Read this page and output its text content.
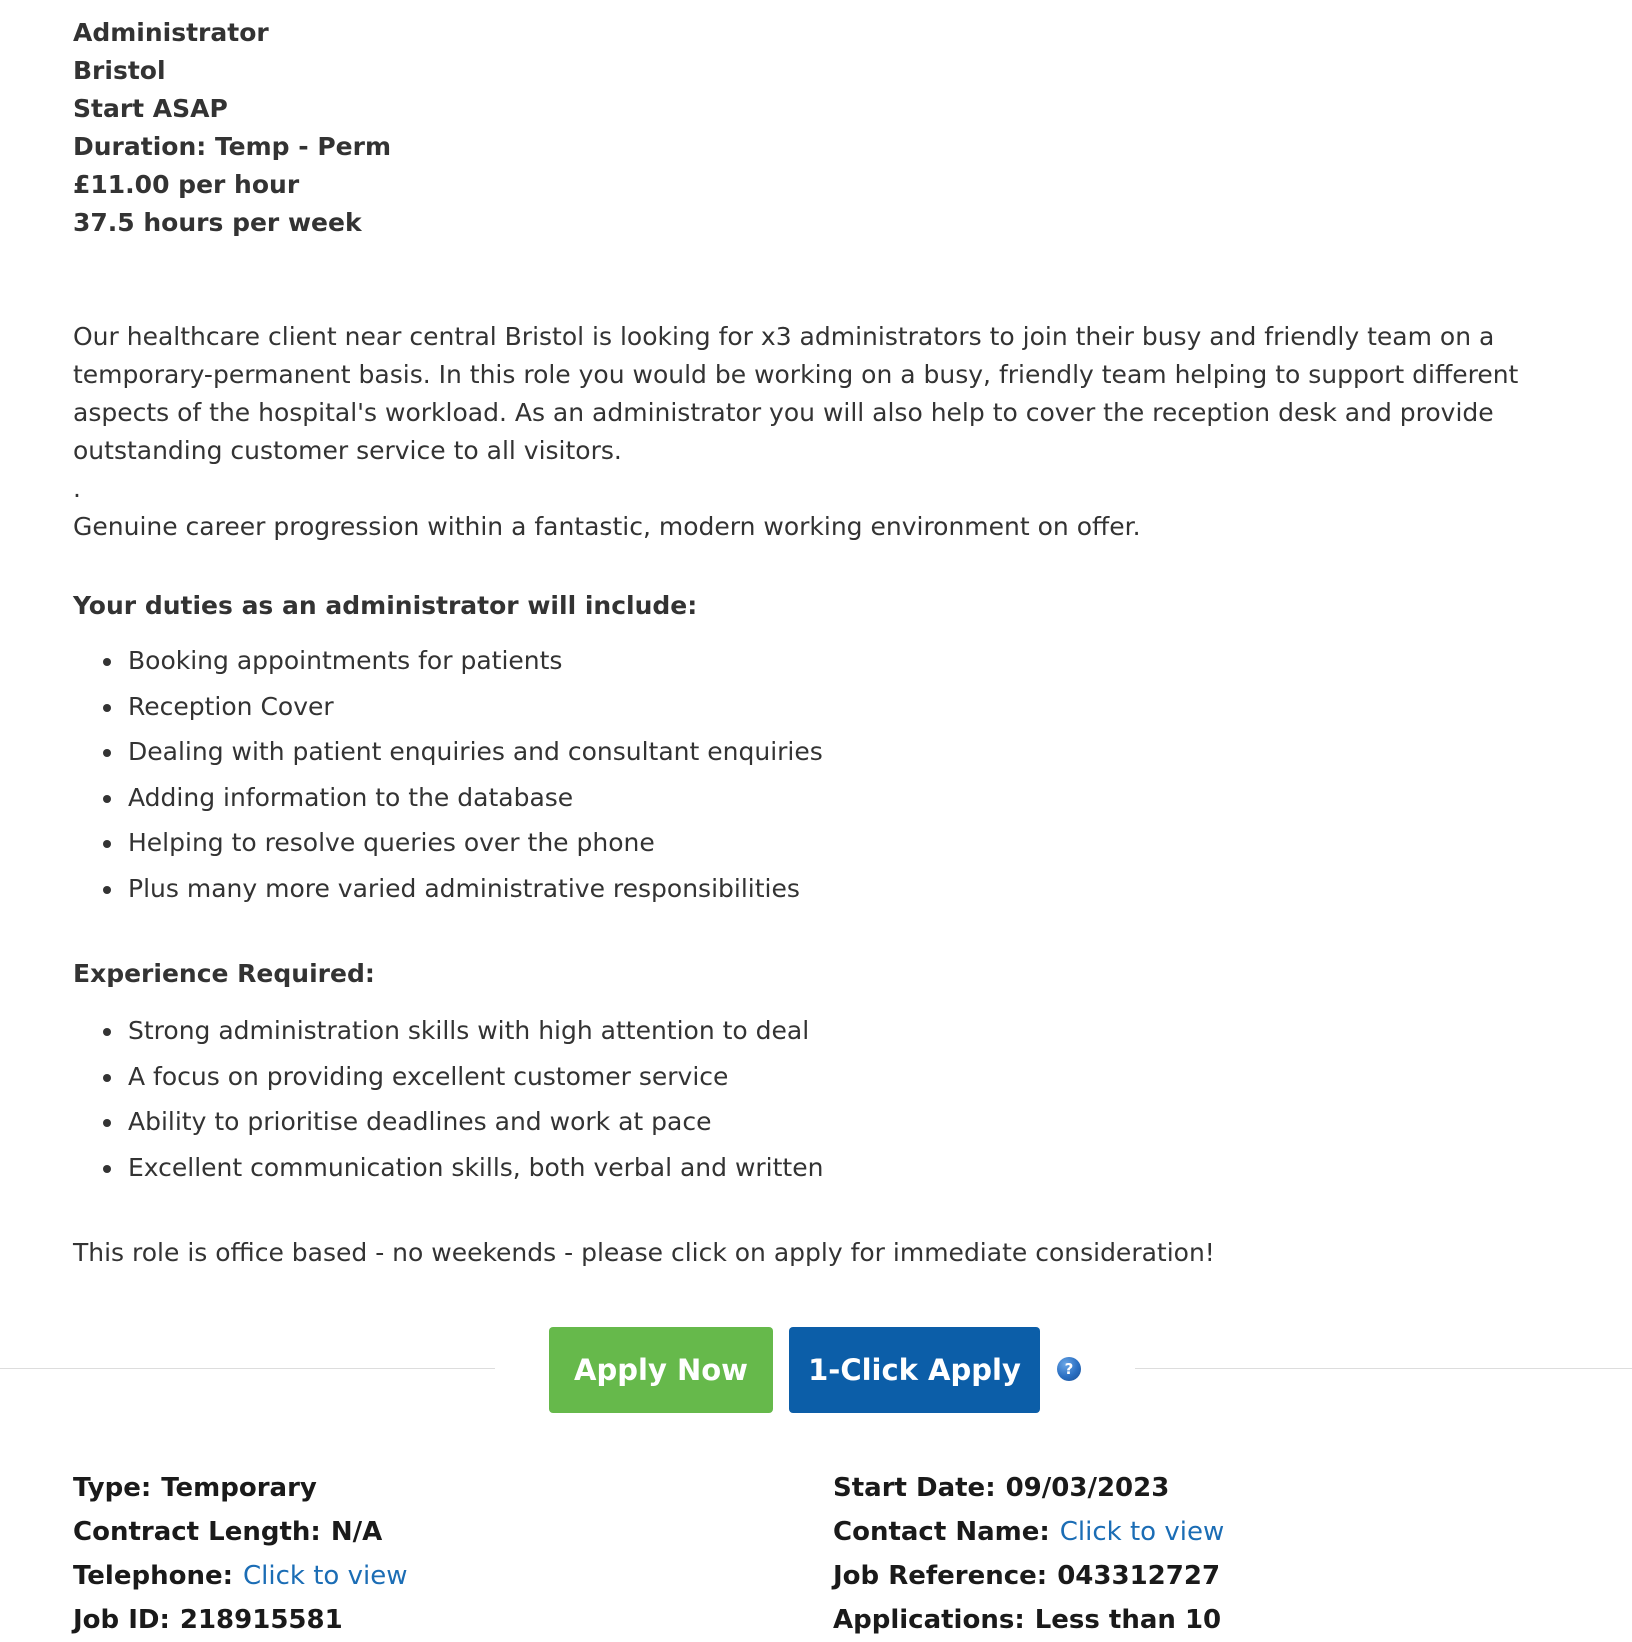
Administrator
Bristol
Start ASAP
Duration: Temp - Perm
£11.00 per hour
37.5 hours per week
Our healthcare client near central Bristol is looking for x3 administrators to join their busy and friendly team on a temporary-permanent basis. In this role you would be working on a busy, friendly team helping to support different aspects of the hospital's workload. As an administrator you will also help to cover the reception desk and provide outstanding customer service to all visitors.
.
Genuine career progression within a fantastic, modern working environment on offer.
Your duties as an administrator will include:
Booking appointments for patients
Reception Cover
Dealing with patient enquiries and consultant enquiries
Adding information to the database
Helping to resolve queries over the phone
Plus many more varied administrative responsibilities
Experience Required:
Strong administration skills with high attention to deal
A focus on providing excellent customer service
Ability to prioritise deadlines and work at pace
Excellent communication skills, both verbal and written
This role is office based - no weekends - please click on apply for immediate consideration!
Apply Now	1-Click Apply	?
Type: Temporary
Contract Length: N/A
Telephone: Click to view
Job ID: 218915581
Start Date: 09/03/2023
Contact Name: Click to view
Job Reference: 043312727
Applications: Less than 10
